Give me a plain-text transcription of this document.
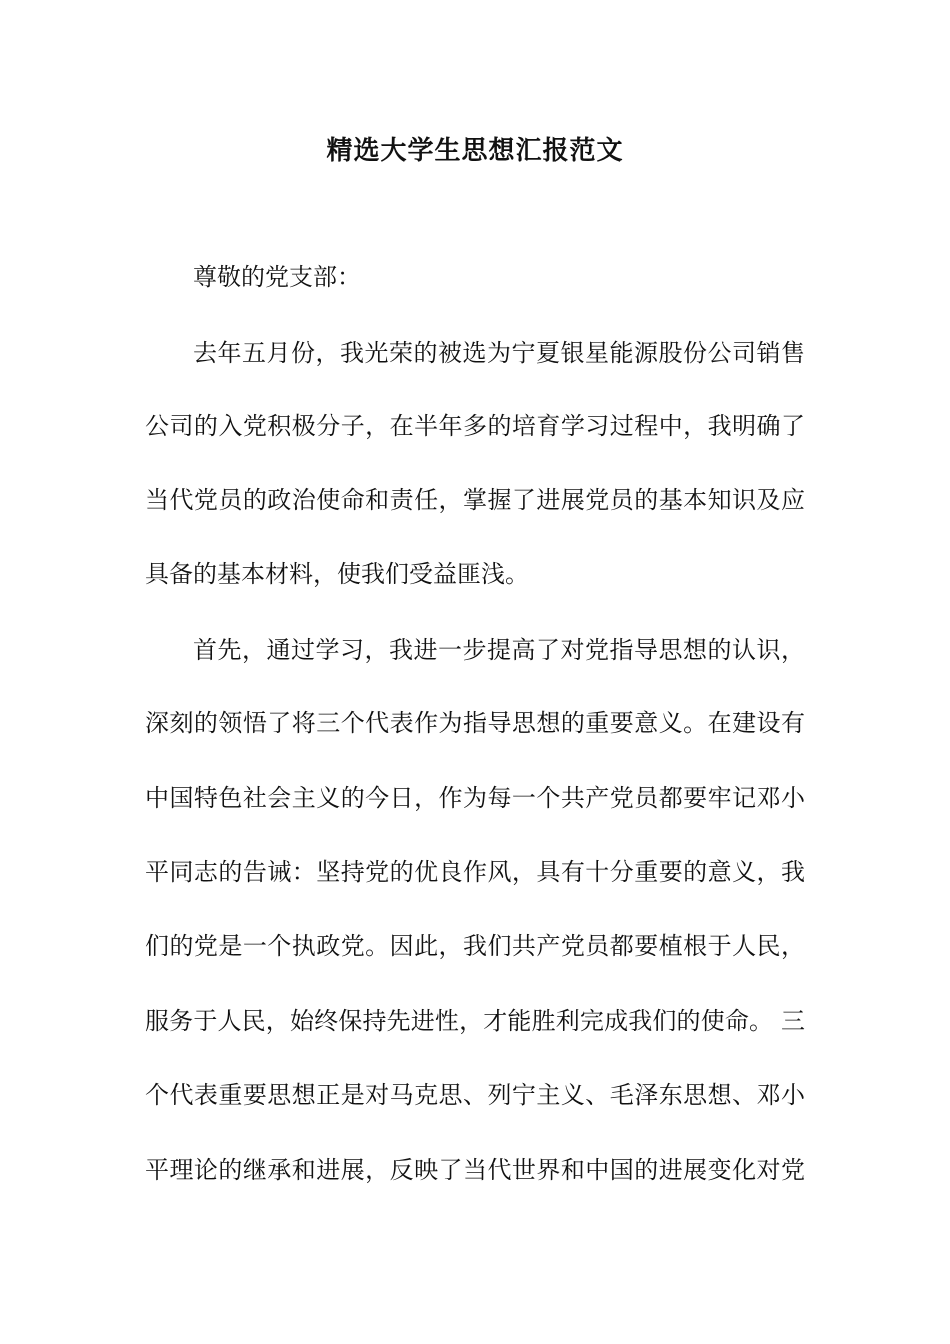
精选大学生思想汇报范文
尊敬的党支部：
去年五月份，我光荣的被选为宁夏银星能源股份公司销售
公司的入党积极分子，在半年多的培育学习过程中，我明确了
当代党员的政治使命和责任，掌握了进展党员的基本知识及应
具备的基本材料，使我们受益匪浅。
首先，通过学习，我进一步提高了对党指导思想的认识，
深刻的领悟了将三个代表作为指导思想的重要意义。在建设有
中国特色社会主义的今日，作为每一个共产党员都要牢记邓小
平同志的告诫：坚持党的优良作风，具有十分重要的意义，我
们的党是一个执政党。因此，我们共产党员都要植根于人民，
服务于人民，始终保持先进性，才能胜利完成我们的使命。 三
个代表重要思想正是对马克思、列宁主义、毛泽东思想、邓小
平理论的继承和进展，反映了当代世界和中国的进展变化对党
